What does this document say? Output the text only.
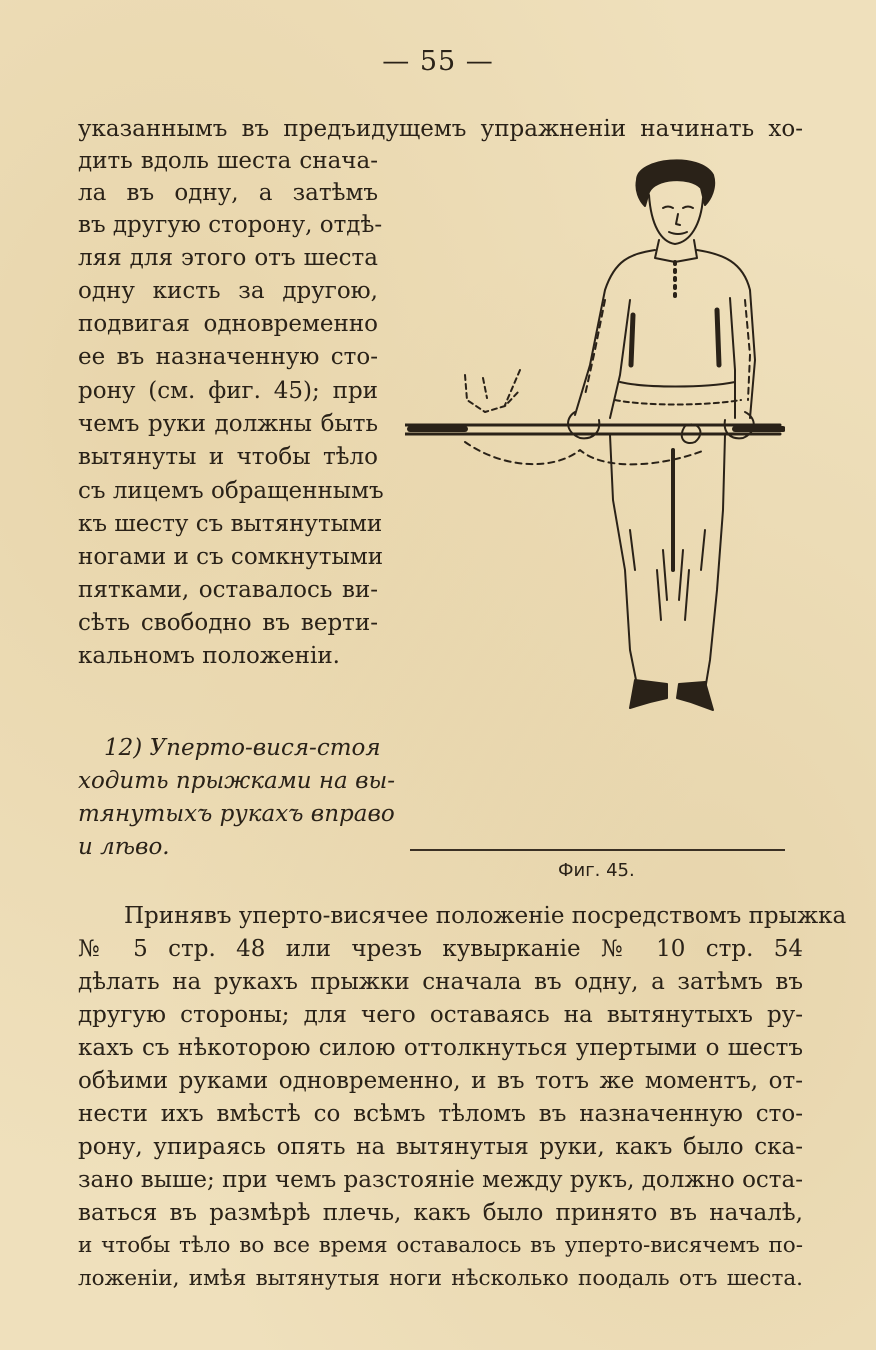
— 55 —
указаннымъ въ предъидущемъ упражненіи начинать хо-
дить вдоль шеста снача-
ла въ одну, а затѣмъ
въ другую сторону, отдѣ-
ляя для этого отъ шеста
одну кисть за другою,
подвигая одновременно
ее въ назначенную сто-
рону (см. фиг. 45); при
чемъ руки должны быть
вытянуты и чтобы тѣло
съ лицемъ обращеннымъ
къ шесту съ вытянутыми
ногами и съ сомкнутыми
пятками, оставалось ви-
сѣть свободно въ верти-
кальномъ положеніи.
12) Уперто-вися-стоя
ходить прыжками на вы-
тянутыхъ рукахъ вправо
и лѣво.
Фиг. 45.
Принявъ уперто-висячее положеніе посредствомъ прыжка
№ 5 стр. 48 или чрезъ кувырканіе № 10 стр. 54
дѣлать на рукахъ прыжки сначала въ одну, а затѣмъ въ
другую стороны; для чего оставаясь на вытянутыхъ ру-
кахъ съ нѣкоторою силою оттолкнуться упертыми о шестъ
обѣими руками одновременно, и въ тотъ же моментъ, от-
нести ихъ вмѣстѣ со всѣмъ тѣломъ въ назначенную сто-
рону, упираясь опять на вытянутыя руки, какъ было ска-
зано выше; при чемъ разстояніе между рукъ, должно оста-
ваться въ размѣрѣ плечь, какъ было принято въ началѣ,
и чтобы тѣло во все время оставалось въ уперто-висячемъ по-
ложеніи, имѣя вытянутыя ноги нѣсколько поодаль отъ шеста.
